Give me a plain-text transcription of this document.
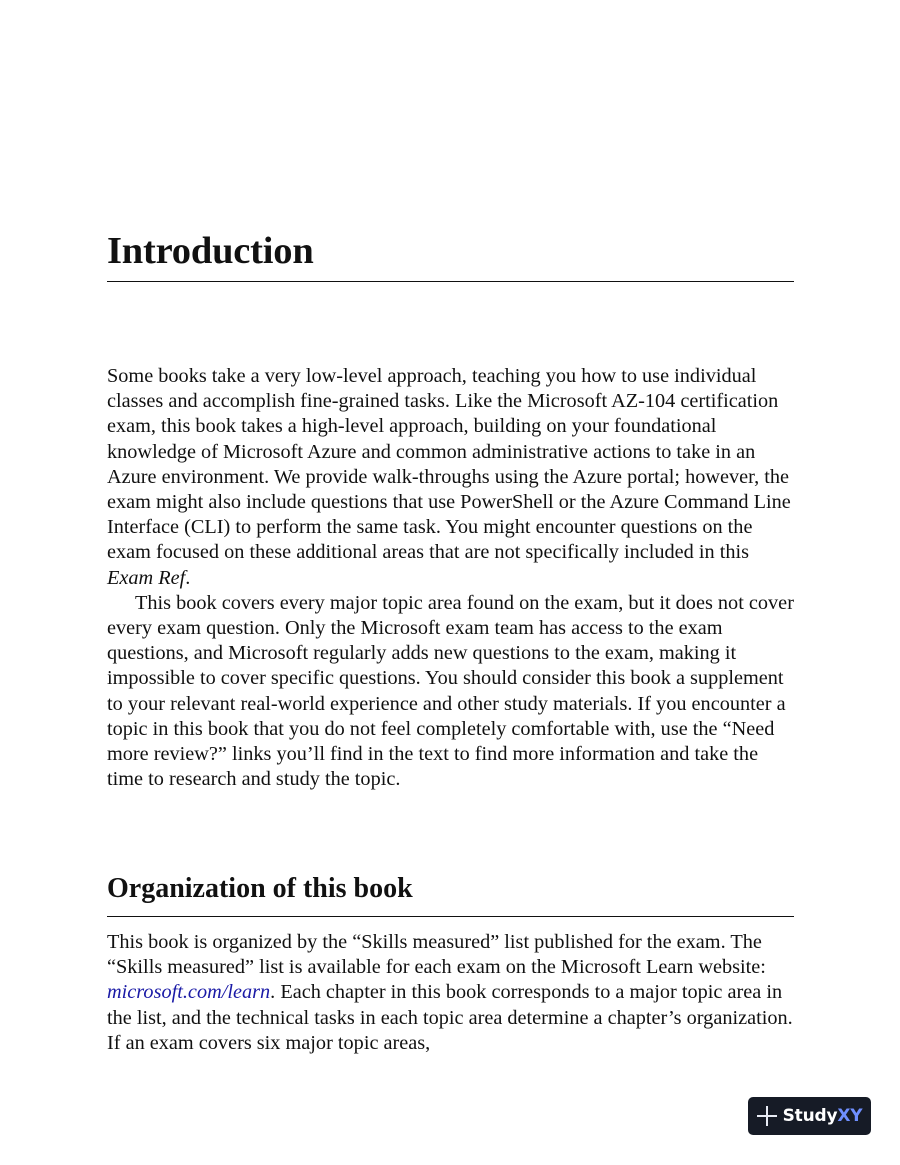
Introduction

Some books take a very low-level approach, teaching you how to use individual classes and accomplish fine-grained tasks. Like the Microsoft AZ-104 certification exam, this book takes a high-level approach, building on your foundational knowledge of Microsoft Azure and common administrative actions to take in an Azure environment. We provide walk-throughs using the Azure portal; however, the exam might also include questions that use PowerShell or the Azure Command Line Interface (CLI) to perform the same task. You might encounter questions on the exam focused on these additional areas that are not specifically included in this Exam Ref.

This book covers every major topic area found on the exam, but it does not cover every exam question. Only the Microsoft exam team has access to the exam questions, and Microsoft regularly adds new questions to the exam, making it impossible to cover specific questions. You should consider this book a supplement to your relevant real-world experience and other study materials. If you encounter a topic in this book that you do not feel completely comfortable with, use the “Need more review?” links you’ll find in the text to find more information and take the time to research and study the topic.

Organization of this book

This book is organized by the “Skills measured” list published for the exam. The “Skills measured” list is available for each exam on the Microsoft Learn website: microsoft.com/learn. Each chapter in this book corresponds to a major topic area in the list, and the technical tasks in each topic area determine a chapter’s organization. If an exam covers six major topic areas,

StudyXY
